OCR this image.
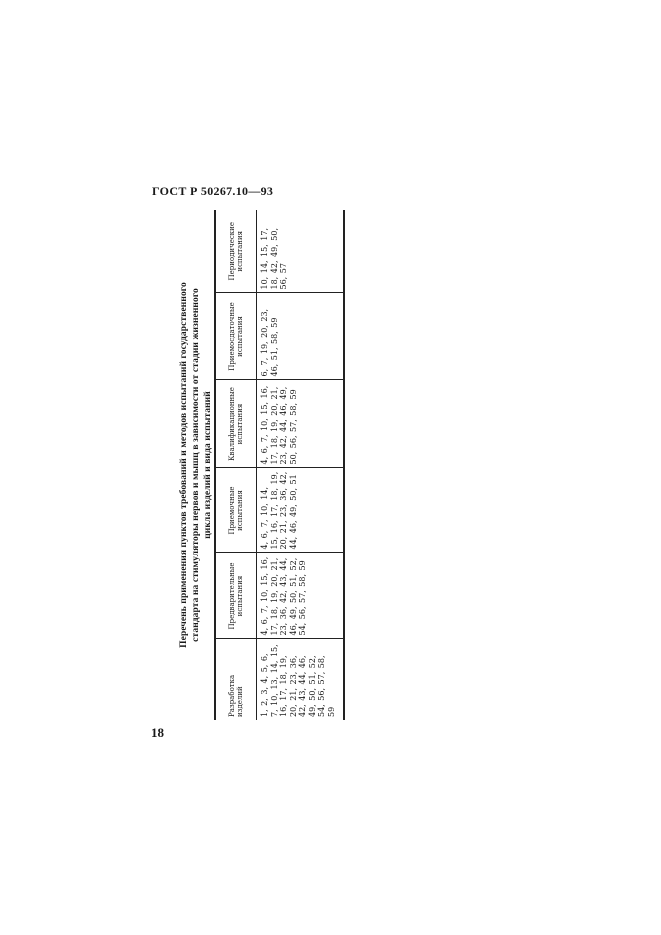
ГОСТ Р 50267.10—93
Перечень применения пунктов требований и методов испытаний государственного стандарта на стимуляторы нервов и мышц в зависимости от стадии жизненного цикла изделий и вида испытаний
Разработка изделий	Предварительные испытания	Приемочные испытания	Квалификационные испытания	Приемосдаточные испытания	Периодические испытания
1, 2, 3, 4, 5, 6, 7, 10, 13, 14, 15, 16, 17, 18, 19, 20, 21, 23, 36, 42, 43, 44, 46, 49, 50, 51, 52, 54, 56, 57, 58, 59	4, 6, 7, 10, 15, 16, 17, 18, 19, 20, 21, 23, 36, 42, 43, 44, 46, 49, 50, 51, 52, 54, 56, 57, 58, 59	4, 6, 7, 10, 14, 15, 16, 17, 18, 19, 20, 21, 23, 36, 42, 44, 46, 49, 50, 51	4, 6, 7, 10, 15, 16, 17, 18, 19, 20, 21, 23, 42, 44, 46, 49, 50, 56, 57, 58, 59	6, 7, 19, 20, 23, 46, 51, 58, 59	10, 14, 15, 17, 18, 42, 49, 50, 56, 57
18
